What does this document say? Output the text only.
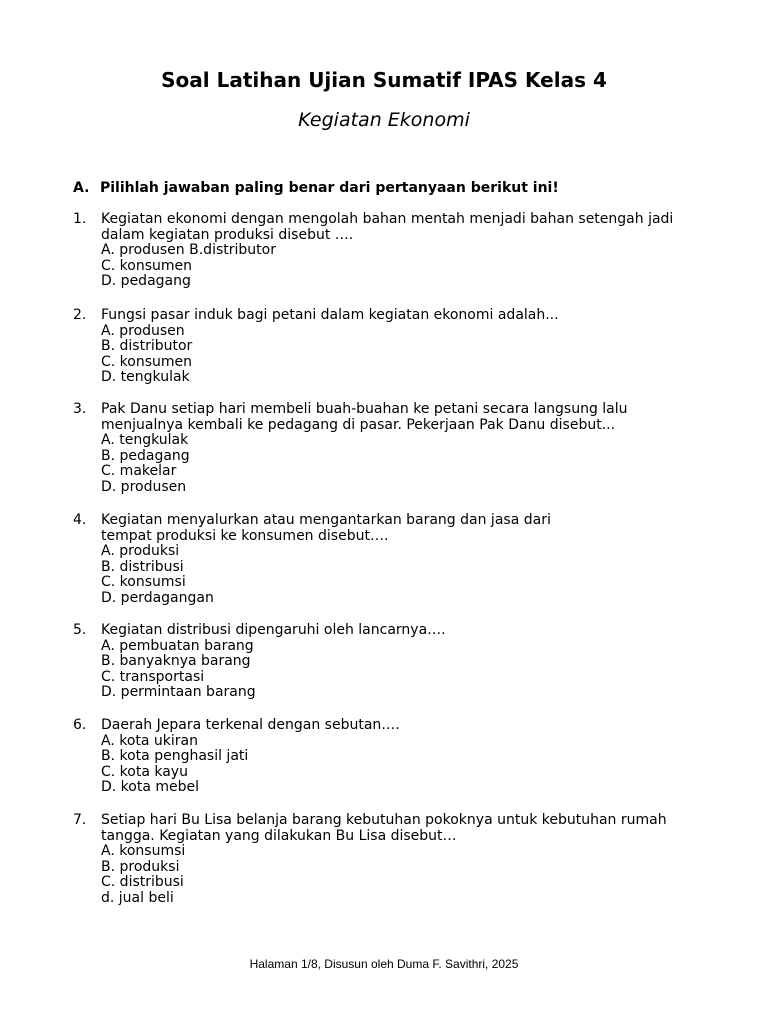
Soal Latihan Ujian Sumatif IPAS Kelas 4
Kegiatan Ekonomi
A. Pilihlah jawaban paling benar dari pertanyaan berikut ini!
1. Kegiatan ekonomi dengan mengolah bahan mentah menjadi bahan setengah jadi
dalam kegiatan produksi disebut ….
A. produsen B.distributor
C. konsumen
D. pedagang
2. Fungsi pasar induk bagi petani dalam kegiatan ekonomi adalah...
A. produsen
B. distributor
C. konsumen
D. tengkulak
3. Pak Danu setiap hari membeli buah-buahan ke petani secara langsung lalu
menjualnya kembali ke pedagang di pasar. Pekerjaan Pak Danu disebut...
A. tengkulak
B. pedagang
C. makelar
D. produsen
4. Kegiatan menyalurkan atau mengantarkan barang dan jasa dari
tempat produksi ke konsumen disebut….
A. produksi
B. distribusi
C. konsumsi
D. perdagangan
5. Kegiatan distribusi dipengaruhi oleh lancarnya….
A. pembuatan barang
B. banyaknya barang
C. transportasi
D. permintaan barang
6. Daerah Jepara terkenal dengan sebutan….
A. kota ukiran
B. kota penghasil jati
C. kota kayu
D. kota mebel
7. Setiap hari Bu Lisa belanja barang kebutuhan pokoknya untuk kebutuhan rumah
tangga. Kegiatan yang dilakukan Bu Lisa disebut…
A. konsumsi
B. produksi
C. distribusi
d. jual beli
Halaman 1/8, Disusun oleh Duma F. Savithri, 2025
